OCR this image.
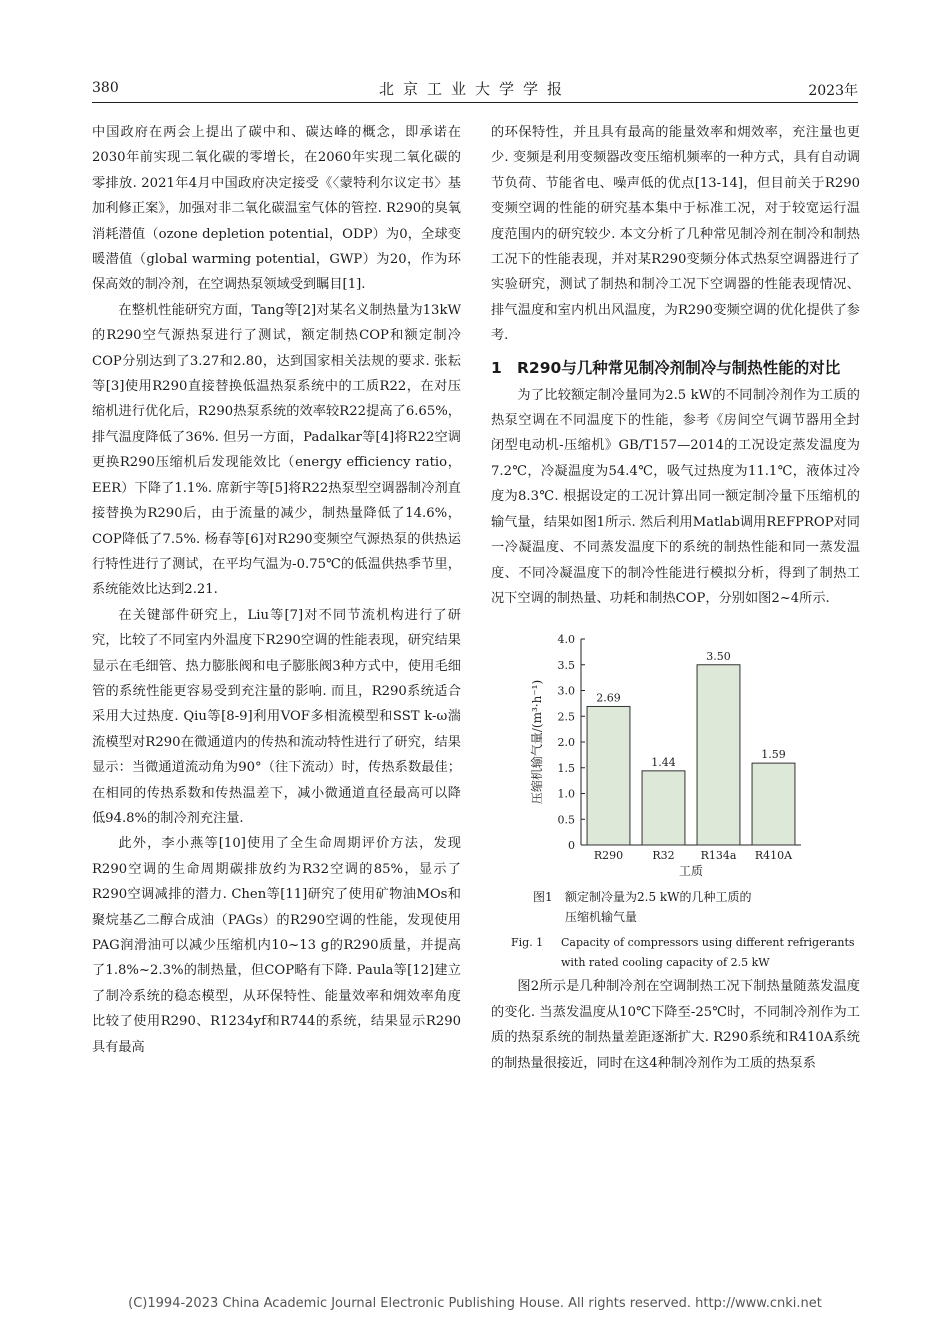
380	北京工业大学学报	2023年

中国政府在两会上提出了碳中和、碳达峰的概念，即承诺在2030年前实现二氧化碳的零增长，在2060年实现二氧化碳的零排放. 2021年4月中国政府决定接受《〈蒙特利尔议定书〉基加利修正案》，加强对非二氧化碳温室气体的管控. R290的臭氧消耗潜值（ozone depletion potential，ODP）为0，全球变暖潜值（global warming potential，GWP）为20，作为环保高效的制冷剂，在空调热泵领域受到瞩目[1].

在整机性能研究方面，Tang等[2]对某名义制热量为13kW的R290空气源热泵进行了测试，额定制热COP和额定制冷COP分别达到了3.27和2.80，达到国家相关法规的要求. 张耘等[3]使用R290直接替换低温热泵系统中的工质R22，在对压缩机进行优化后，R290热泵系统的效率较R22提高了6.65%，排气温度降低了36%. 但另一方面，Padalkar等[4]将R22空调更换R290压缩机后发现能效比（energy efficiency ratio，EER）下降了1.1%. 席新宇等[5]将R22热泵型空调器制冷剂直接替换为R290后，由于流量的减少，制热量降低了14.6%，COP降低了7.5%. 杨春等[6]对R290变频空气源热泵的供热运行特性进行了测试，在平均气温为-0.75℃的低温供热季节里，系统能效比达到2.21.

在关键部件研究上，Liu等[7]对不同节流机构进行了研究，比较了不同室内外温度下R290空调的性能表现，研究结果显示在毛细管、热力膨胀阀和电子膨胀阀3种方式中，使用毛细管的系统性能更容易受到充注量的影响. 而且，R290系统适合采用大过热度. Qiu等[8-9]利用VOF多相流模型和SST k-ω湍流模型对R290在微通道内的传热和流动特性进行了研究，结果显示：当微通道流动角为90°（往下流动）时，传热系数最佳；在相同的传热系数和传热温差下，减小微通道直径最高可以降低94.8%的制冷剂充注量.

此外，李小燕等[10]使用了全生命周期评价方法，发现R290空调的生命周期碳排放约为R32空调的85%，显示了R290空调减排的潜力. Chen等[11]研究了使用矿物油MOs和聚烷基乙二醇合成油（PAGs）的R290空调的性能，发现使用PAG润滑油可以减少压缩机内10~13 g的R290质量，并提高了1.8%~2.3%的制热量，但COP略有下降. Paula等[12]建立了制冷系统的稳态模型，从环保特性、能量效率和㶲效率角度比较了使用R290、R1234yf和R744的系统，结果显示R290具有最高

的环保特性，并且具有最高的能量效率和㶲效率，充注量也更少. 变频是利用变频器改变压缩机频率的一种方式，具有自动调节负荷、节能省电、噪声低的优点[13-14]，但目前关于R290变频空调的性能的研究基本集中于标准工况，对于较宽运行温度范围内的研究较少. 本文分析了几种常见制冷剂在制冷和制热工况下的性能表现，并对某R290变频分体式热泵空调器进行了实验研究，测试了制热和制冷工况下空调器的性能表现情况、排气温度和室内机出风温度，为R290变频空调的优化提供了参考.

1 R290与几种常见制冷剂制冷与制热性能的对比

为了比较额定制冷量同为2.5 kW的不同制冷剂作为工质的热泵空调在不同温度下的性能，参考《房间空气调节器用全封闭型电动机-压缩机》GB/T157—2014的工况设定蒸发温度为7.2℃，冷凝温度为54.4℃，吸气过热度为11.1℃，液体过冷度为8.3℃. 根据设定的工况计算出同一额定制冷量下压缩机的输气量，结果如图1所示. 然后利用Matlab调用REFPROP对同一冷凝温度、不同蒸发温度下的系统的制热性能和同一蒸发温度、不同冷凝温度下的制冷性能进行模拟分析，得到了制热工况下空调的制热量、功耗和制热COP，分别如图2~4所示.

0
0.5
1.0
1.5
2.0
2.5
3.0
3.5
4.0
2.69
R290
1.44
R32
3.50
R134a
1.59
R410A
工质
压缩机输气量/(m³·h⁻¹)
图1 额定制冷量为2.5 kW的几种工质的
压缩机输气量
Fig. 1 Capacity of compressors using different refrigerants
with rated cooling capacity of 2.5 kW

图2所示是几种制冷剂在空调制热工况下制热量随蒸发温度的变化. 当蒸发温度从10℃下降至-25℃时，不同制冷剂作为工质的热泵系统的制热量差距逐渐扩大. R290系统和R410A系统的制热量很接近，同时在这4种制冷剂作为工质的热泵系

(C)1994-2023 China Academic Journal Electronic Publishing House. All rights reserved. http://www.cnki.net
